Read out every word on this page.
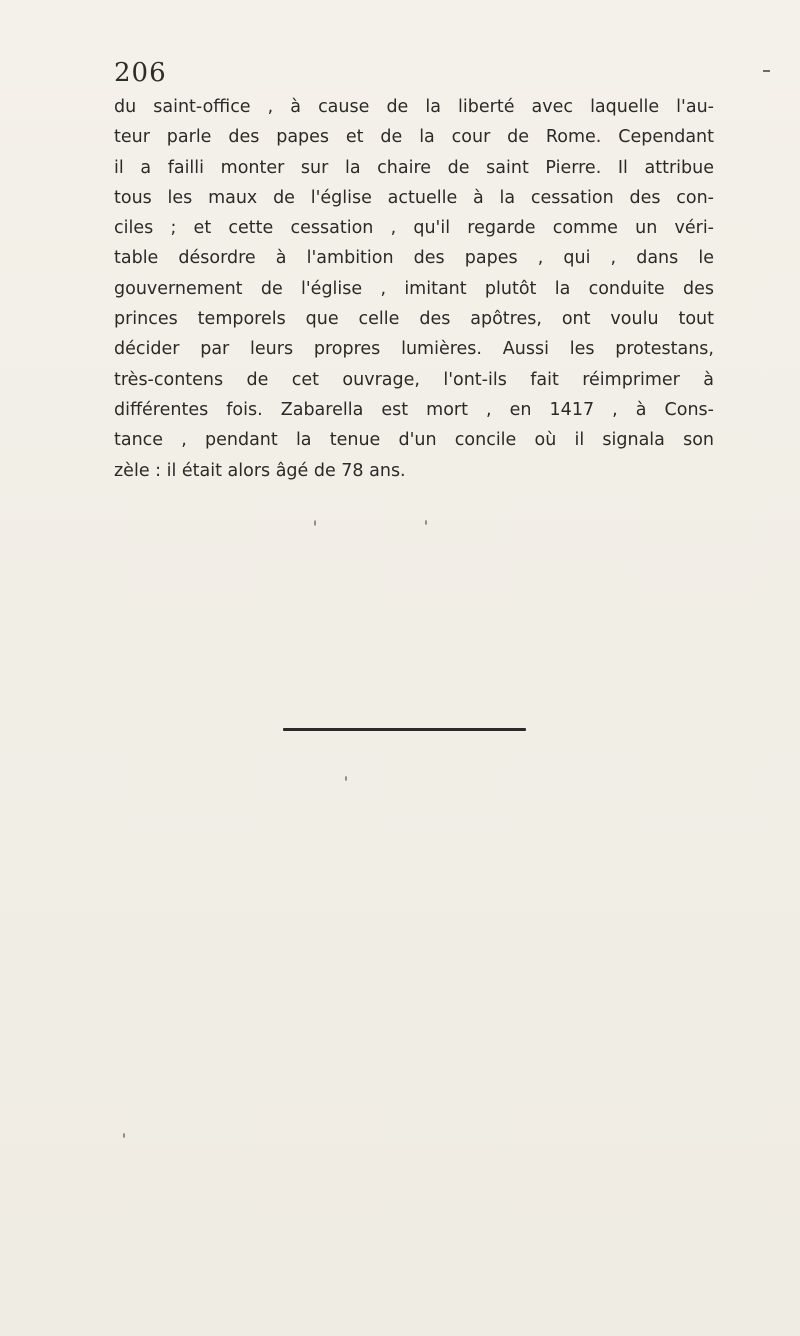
206
du saint-office , à cause de la liberté avec laquelle l'au-
teur parle des papes et de la cour de Rome. Cependant
il a failli monter sur la chaire de saint Pierre. Il attribue
tous les maux de l'église actuelle à la cessation des con-
ciles ; et cette cessation , qu'il regarde comme un véri-
table désordre à l'ambition des papes , qui , dans le
gouvernement de l'église , imitant plutôt la conduite des
princes temporels que celle des apôtres, ont voulu tout
décider par leurs propres lumières. Aussi les protestans,
très-contens de cet ouvrage, l'ont-ils fait réimprimer à
différentes fois. Zabarella est mort , en 1417 , à Cons-
tance , pendant la tenue d'un concile où il signala son
zèle : il était alors âgé de 78 ans.
